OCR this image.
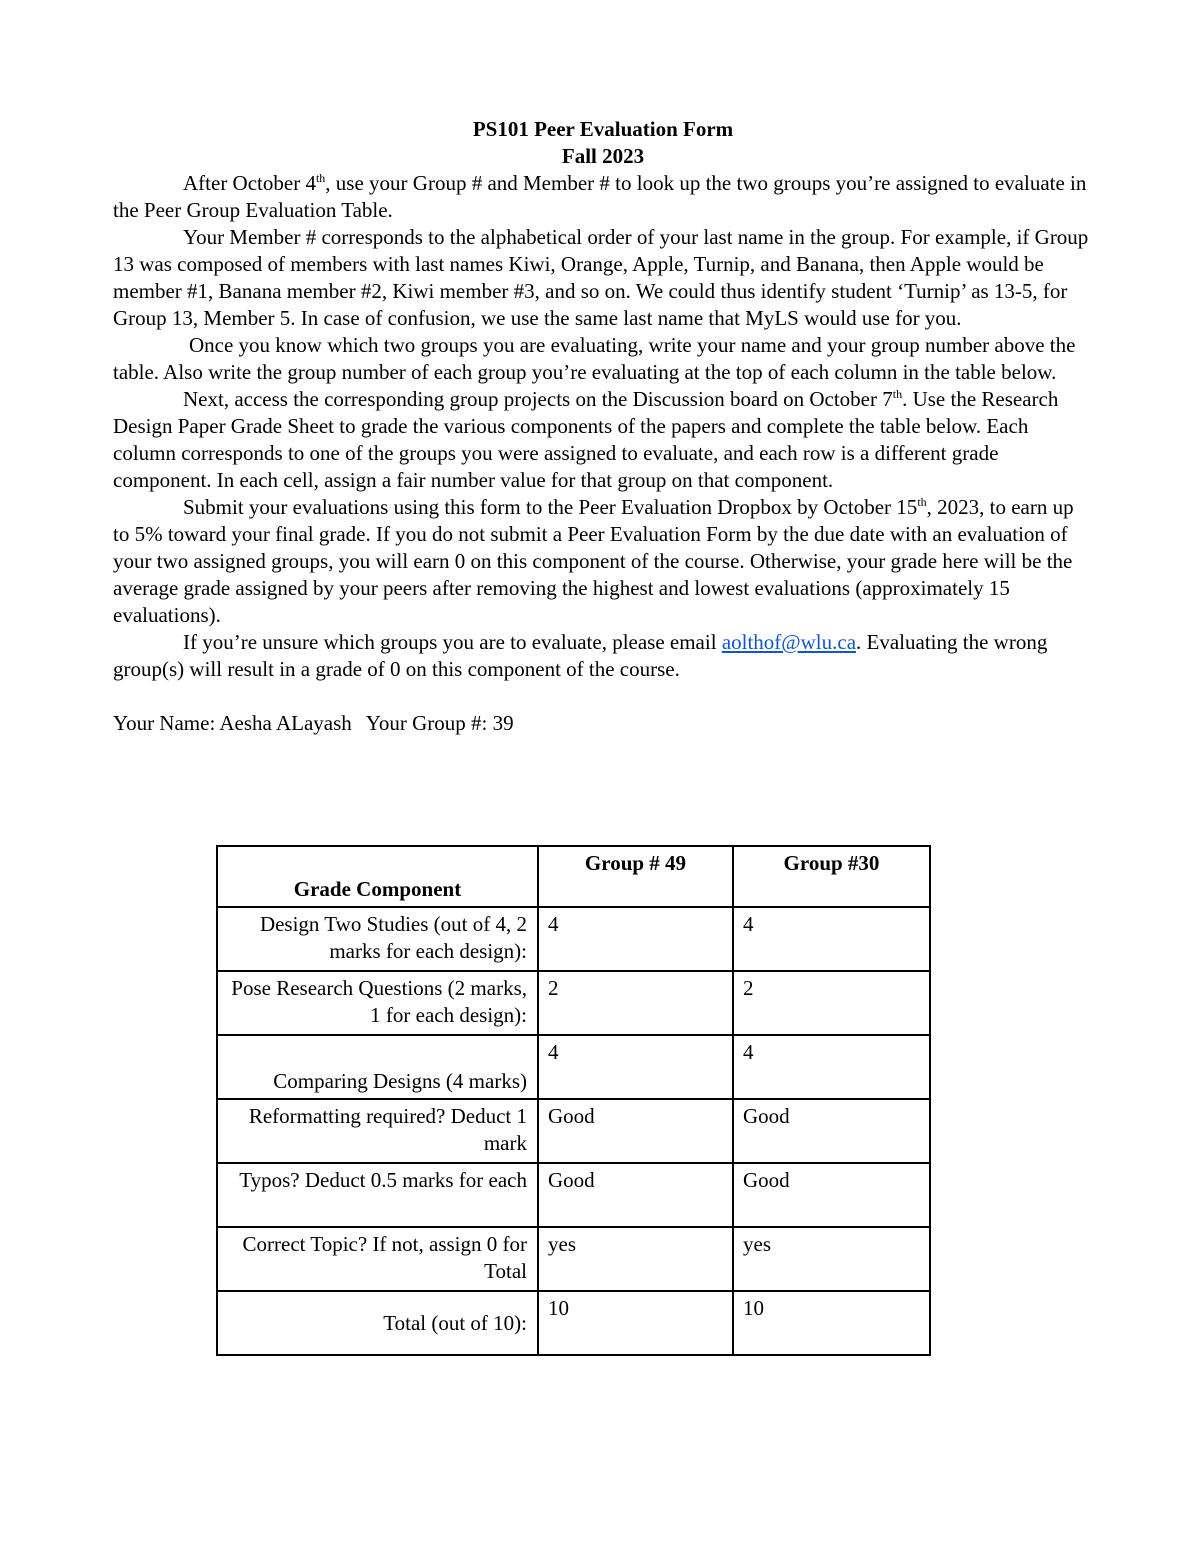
PS101 Peer Evaluation Form

Fall 2023

After October 4th, use your Group # and Member # to look up the two groups you’re assigned to evaluate in the Peer Group Evaluation Table.

Your Member # corresponds to the alphabetical order of your last name in the group. For example, if Group 13 was composed of members with last names Kiwi, Orange, Apple, Turnip, and Banana, then Apple would be member #1, Banana member #2, Kiwi member #3, and so on. We could thus identify student ‘Turnip’ as 13-5, for Group 13, Member 5. In case of confusion, we use the same last name that MyLS would use for you.

Once you know which two groups you are evaluating, write your name and your group number above the table. Also write the group number of each group you’re evaluating at the top of each column in the table below.

Next, access the corresponding group projects on the Discussion board on October 7th. Use the Research Design Paper Grade Sheet to grade the various components of the papers and complete the table below. Each column corresponds to one of the groups you were assigned to evaluate, and each row is a different grade component. In each cell, assign a fair number value for that group on that component.

Submit your evaluations using this form to the Peer Evaluation Dropbox by October 15th, 2023, to earn up to 5% toward your final grade. If you do not submit a Peer Evaluation Form by the due date with an evaluation of your two assigned groups, you will earn 0 on this component of the course. Otherwise, your grade here will be the average grade assigned by your peers after removing the highest and lowest evaluations (approximately 15 evaluations).

If you’re unsure which groups you are to evaluate, please email aolthof@wlu.ca. Evaluating the wrong group(s) will result in a grade of 0 on this component of the course.

Your Name: Aesha ALayash Your Group #: 39

Grade Component	Group # 49	Group #30
Design Two Studies (out of 4, 2 marks for each design):	4	4
Pose Research Questions (2 marks, 1 for each design):	2	2
Comparing Designs (4 marks)	4	4
Reformatting required? Deduct 1 mark	Good	Good
Typos? Deduct 0.5 marks for each	Good	Good
Correct Topic? If not, assign 0 for Total	yes	yes
Total (out of 10):	10	10
